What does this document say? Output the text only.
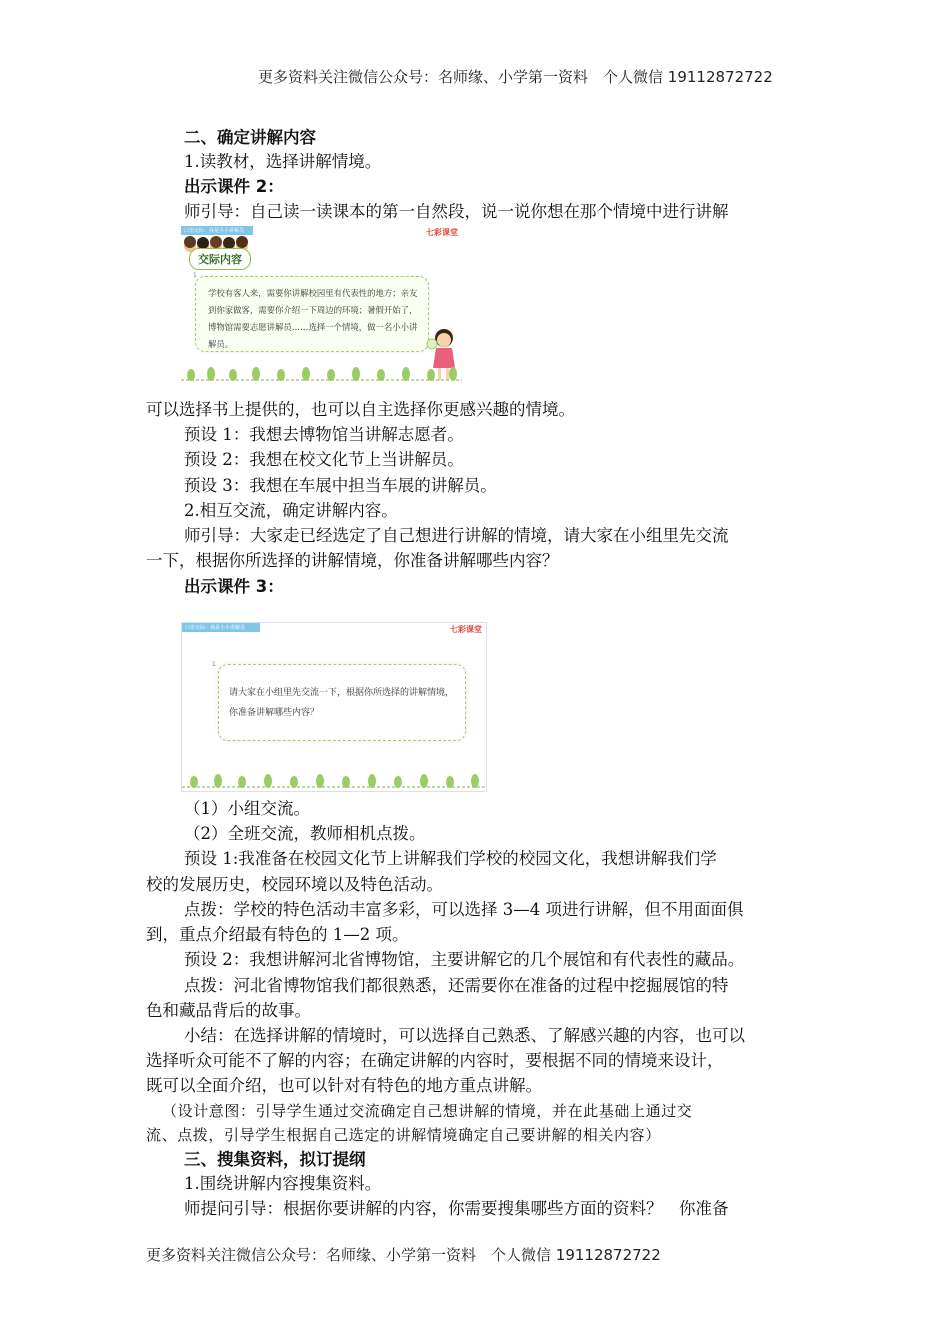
更多资料关注微信公众号：名师缘、小学第一资料　个人微信 19112872722
二、确定讲解内容
1.读教材，选择讲解情境。
出示课件 2：
师引导：自己读一读课本的第一自然段，说一说你想在那个情境中进行讲解
口语交际：我是小小讲解员	七彩课堂
交际内容
1

学校有客人来，需要你讲解校园里有代表性的地方；亲友到你家做客，需要你介绍一下周边的环境；暑假开始了，博物馆需要志愿讲解员……选择一个情境，做一名小小讲解员。

可以选择书上提供的，也可以自主选择你更感兴趣的情境。
预设 1：我想去博物馆当讲解志愿者。
预设 2：我想在校文化节上当讲解员。
预设 3：我想在车展中担当车展的讲解员。
2.相互交流，确定讲解内容。
师引导：大家走已经选定了自己想进行讲解的情境，请大家在小组里先交流
一下，根据你所选择的讲解情境，你准备讲解哪些内容？
出示课件 3：
口语交际：我是小小讲解员	七彩课堂
1

请大家在小组里先交流一下，根据你所选择的讲解情境，你准备讲解哪些内容？

（1）小组交流。
（2）全班交流，教师相机点拨。
预设 1:我准备在校园文化节上讲解我们学校的校园文化，我想讲解我们学
校的发展历史，校园环境以及特色活动。
点拨：学校的特色活动丰富多彩，可以选择 3—4 项进行讲解，但不用面面俱
到，重点介绍最有特色的 1—2 项。
预设 2：我想讲解河北省博物馆，主要讲解它的几个展馆和有代表性的藏品。
点拨：河北省博物馆我们都很熟悉，还需要你在准备的过程中挖掘展馆的特
色和藏品背后的故事。
小结：在选择讲解的情境时，可以选择自己熟悉、了解感兴趣的内容，也可以
选择听众可能不了解的内容；在确定讲解的内容时，要根据不同的情境来设计，
既可以全面介绍，也可以针对有特色的地方重点讲解。
（设计意图：引导学生通过交流确定自己想讲解的情境，并在此基础上通过交
流、点拨，引导学生根据自己选定的讲解情境确定自己要讲解的相关内容）
三、搜集资料，拟订提纲
1.围绕讲解内容搜集资料。
师提问引导：根据你要讲解的内容，你需要搜集哪些方面的资料？　你准备
更多资料关注微信公众号：名师缘、小学第一资料　个人微信 19112872722
